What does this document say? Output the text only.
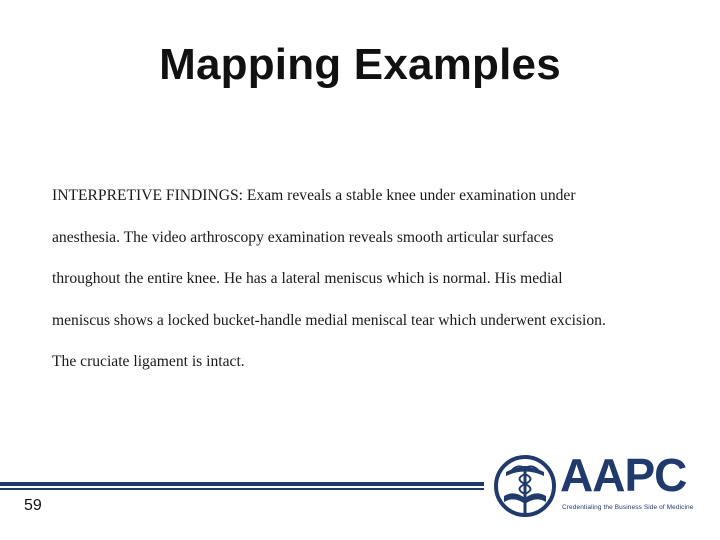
Mapping Examples
INTERPRETIVE FINDINGS: Exam reveals a stable knee under examination under
anesthesia. The video arthroscopy examination reveals smooth articular surfaces
throughout the entire knee. He has a lateral meniscus which is normal. His medial
meniscus shows a locked bucket-handle medial meniscal tear which underwent excision.
The cruciate ligament is intact.
59
AAPC
Credentialing the Business Side of Medicine
